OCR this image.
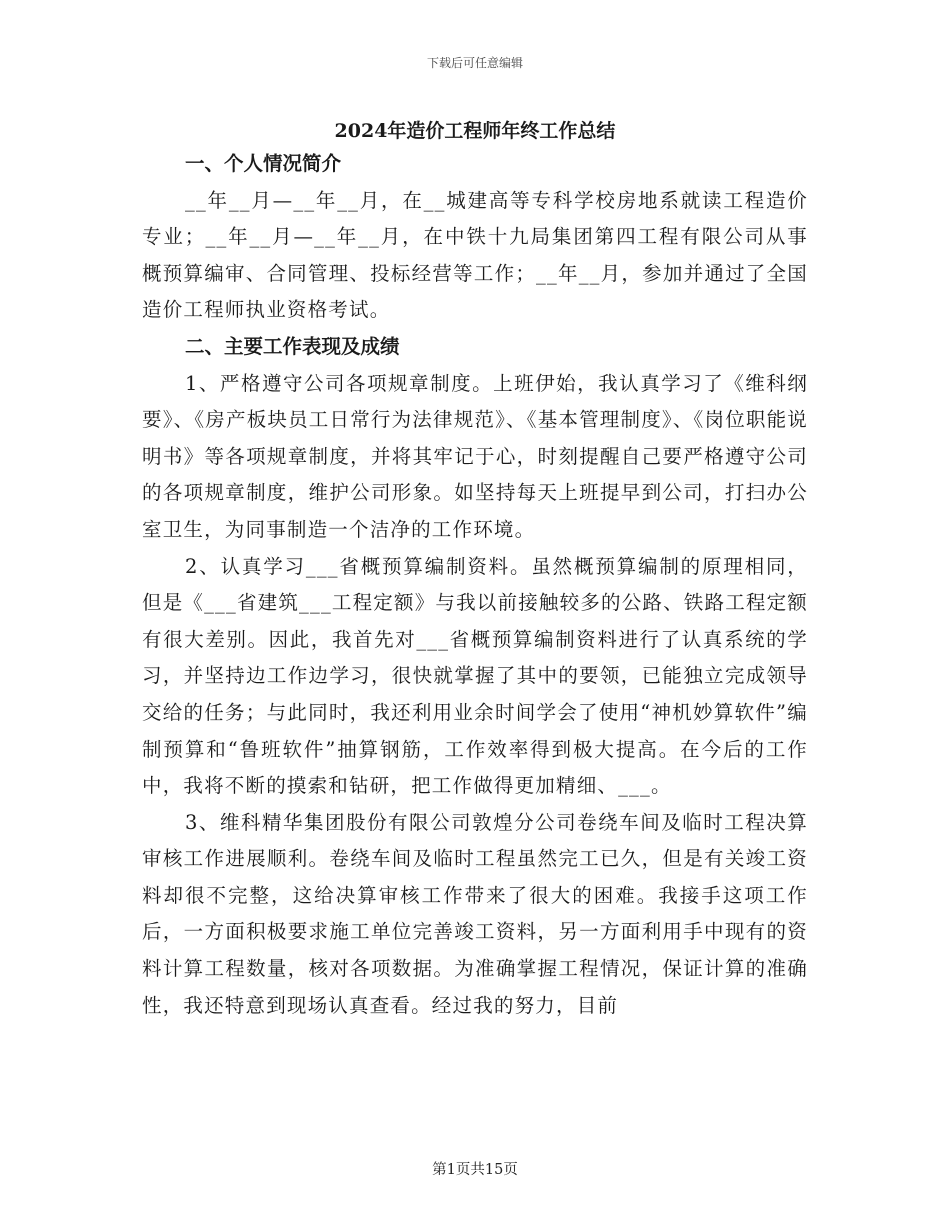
下载后可任意编辑
2024年造价工程师年终工作总结
一、个人情况简介

__年__月—__年__月，在__城建高等专科学校房地系就读工程造价专业；__年__月—__年__月，在中铁十九局集团第四工程有限公司从事概预算编审、合同管理、投标经营等工作；__年__月，参加并通过了全国造价工程师执业资格考试。

二、主要工作表现及成绩

1、严格遵守公司各项规章制度。上班伊始，我认真学习了《维科纲要》、《房产板块员工日常行为法律规范》、《基本管理制度》、《岗位职能说明书》等各项规章制度，并将其牢记于心，时刻提醒自己要严格遵守公司的各项规章制度，维护公司形象。如坚持每天上班提早到公司，打扫办公室卫生，为同事制造一个洁净的工作环境。

2、认真学习___省概预算编制资料。虽然概预算编制的原理相同，但是《___省建筑___工程定额》与我以前接触较多的公路、铁路工程定额有很大差别。因此，我首先对___省概预算编制资料进行了认真系统的学习，并坚持边工作边学习，很快就掌握了其中的要领，已能独立完成领导交给的任务；与此同时，我还利用业余时间学会了使用“神机妙算软件”编制预算和“鲁班软件”抽算钢筋，工作效率得到极大提高。在今后的工作中，我将不断的摸索和钻研，把工作做得更加精细、___。

3、维科精华集团股份有限公司敦煌分公司卷绕车间及临时工程决算审核工作进展顺利。卷绕车间及临时工程虽然完工已久，但是有关竣工资料却很不完整，这给决算审核工作带来了很大的困难。我接手这项工作后，一方面积极要求施工单位完善竣工资料，另一方面利用手中现有的资料计算工程数量，核对各项数据。为准确掌握工程情况，保证计算的准确性，我还特意到现场认真查看。经过我的努力，目前

第1页共15页
